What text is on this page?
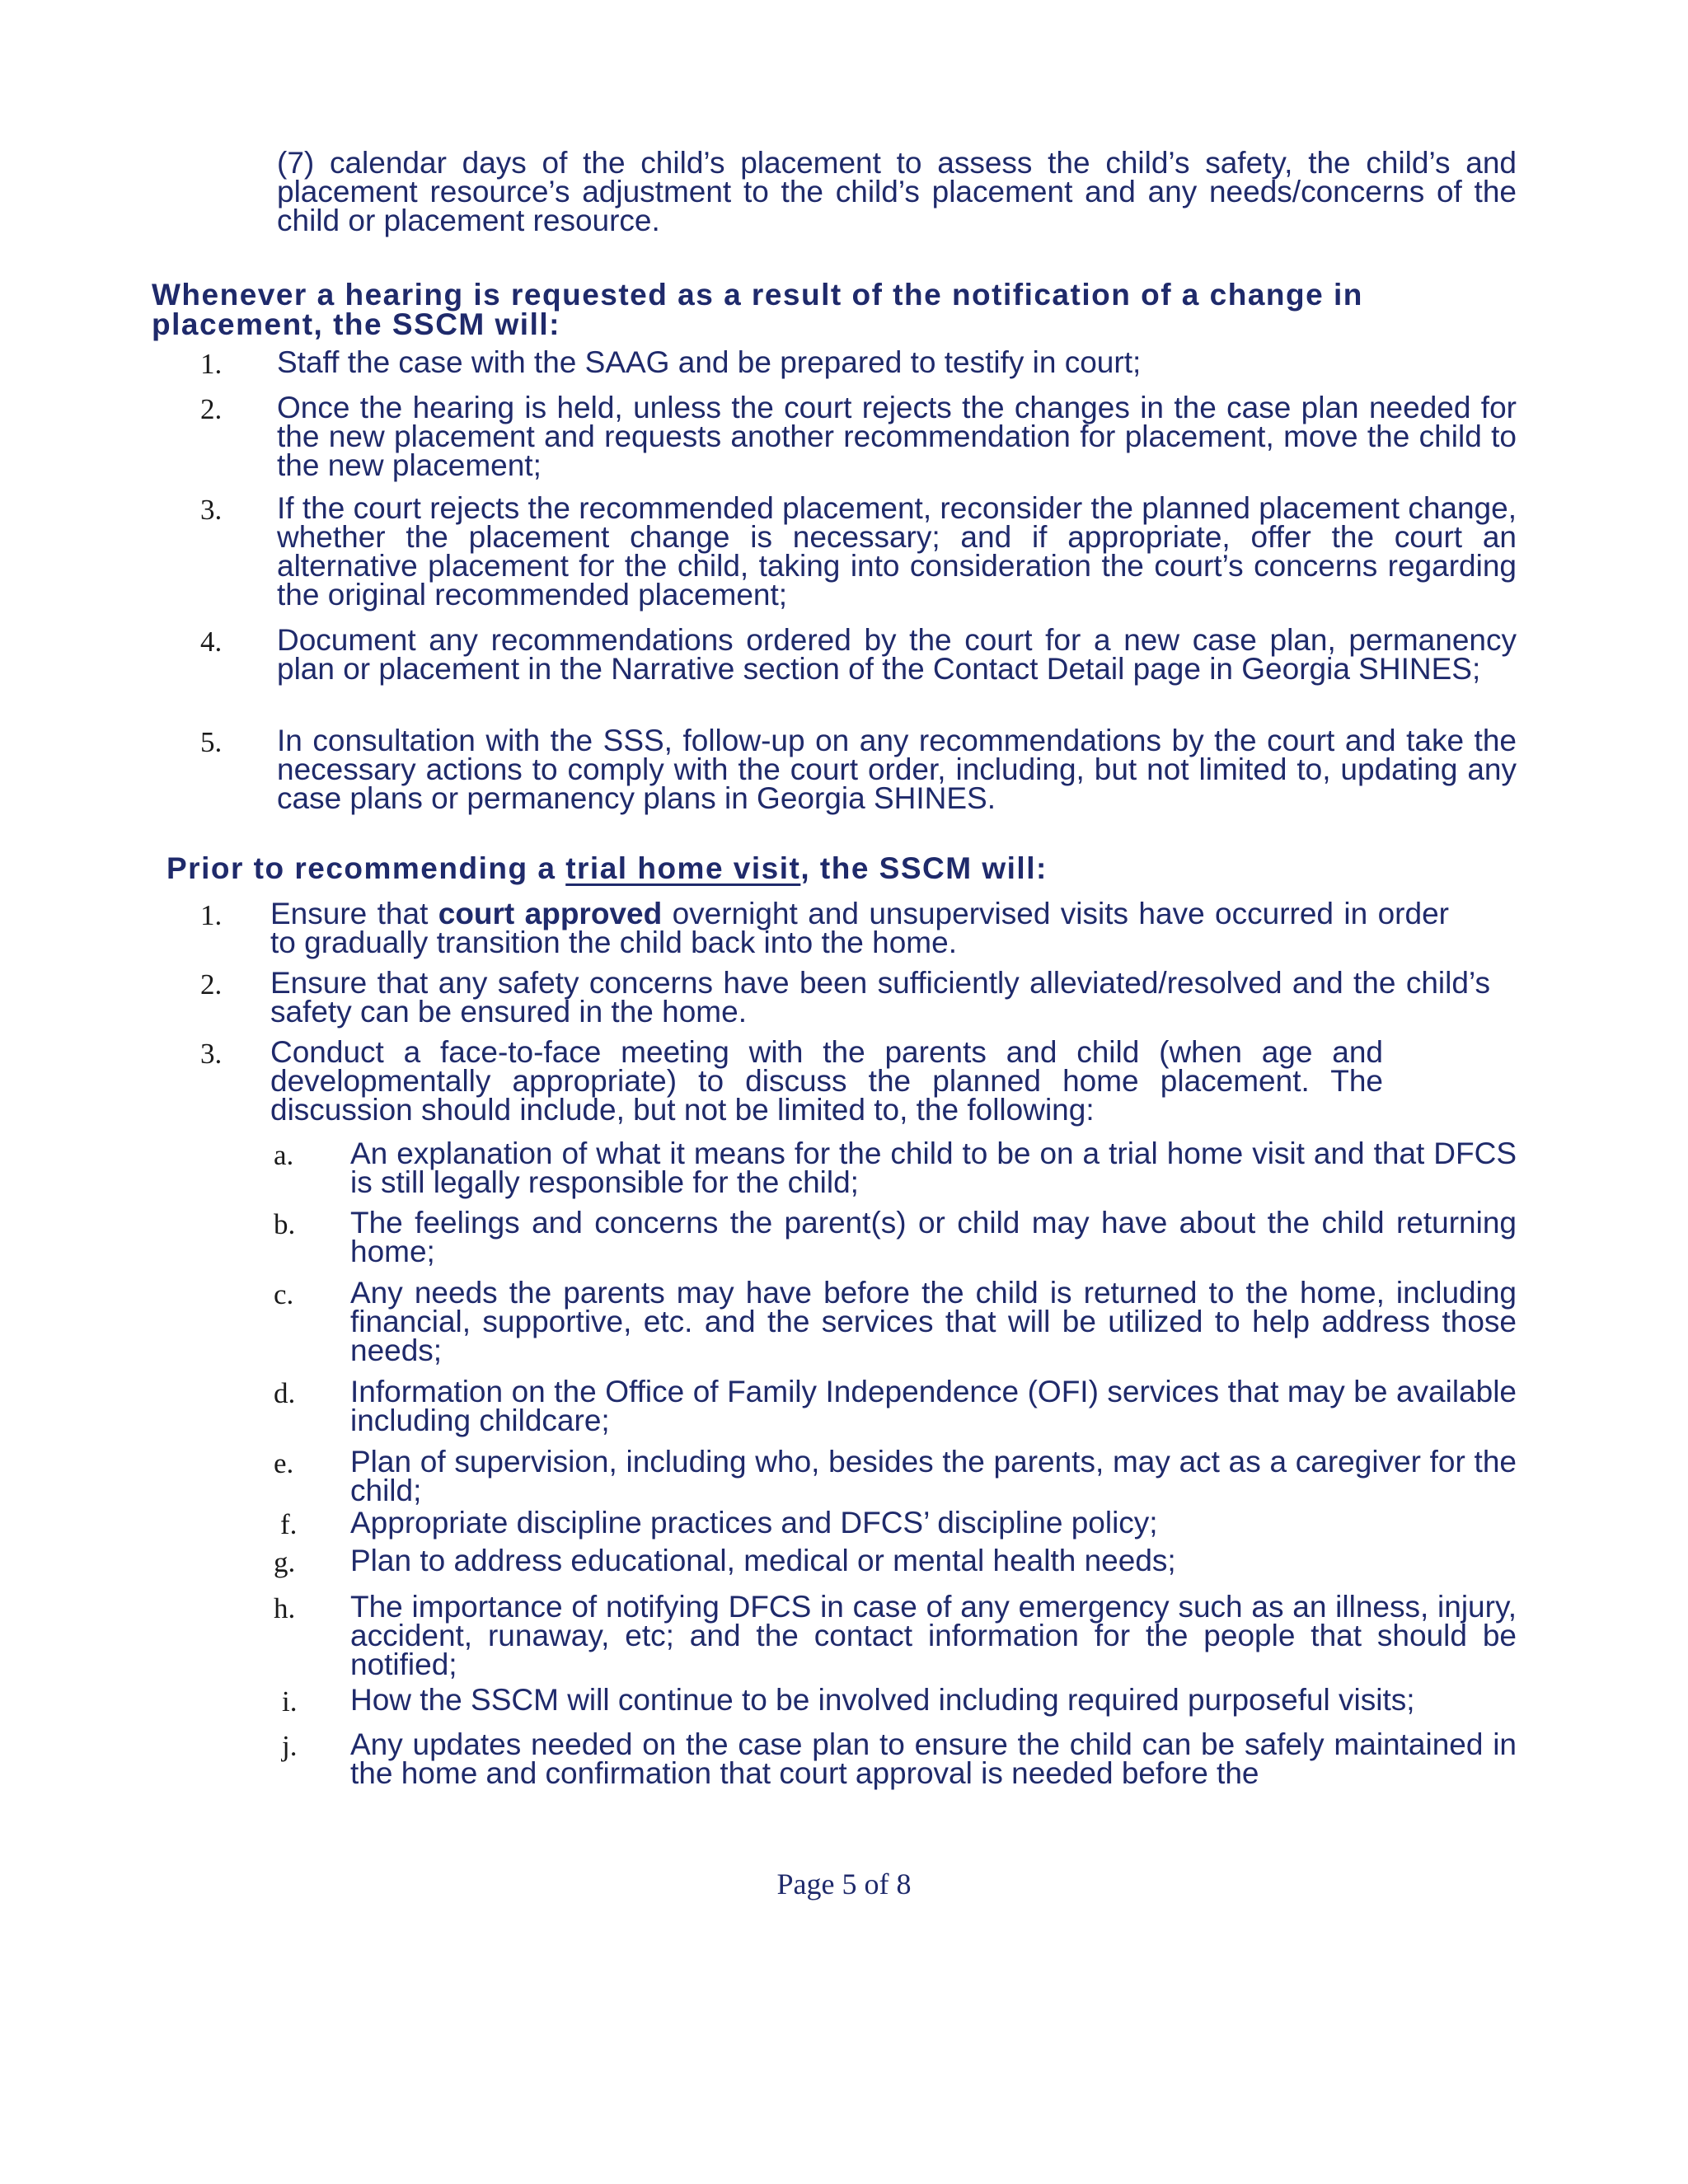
(7) calendar days of the child’s placement to assess the child’s safety, the child’s and placement resource’s adjustment to the child’s placement and any needs/concerns of the child or placement resource.

Whenever a hearing is requested as a result of the notification of a change in placement, the SSCM will:

1. Staff the case with the SAAG and be prepared to testify in court;

2. Once the hearing is held, unless the court rejects the changes in the case plan needed for the new placement and requests another recommendation for placement, move the child to the new placement;

3. If the court rejects the recommended placement, reconsider the planned placement change, whether the placement change is necessary; and if appropriate, offer the court an alternative placement for the child, taking into consideration the court’s concerns regarding the original recommended placement;

4. Document any recommendations ordered by the court for a new case plan, permanency plan or placement in the Narrative section of the Contact Detail page in Georgia SHINES;

5. In consultation with the SSS, follow-up on any recommendations by the court and take the necessary actions to comply with the court order, including, but not limited to, updating any case plans or permanency plans in Georgia SHINES.

Prior to recommending a trial home visit, the SSCM will:

1. Ensure that court approved overnight and unsupervised visits have occurred in order to gradually transition the child back into the home.

2. Ensure that any safety concerns have been sufficiently alleviated/resolved and the child’s safety can be ensured in the home.

3. Conduct a face-to-face meeting with the parents and child (when age and developmentally appropriate) to discuss the planned home placement. The discussion should include, but not be limited to, the following:

a. An explanation of what it means for the child to be on a trial home visit and that DFCS is still legally responsible for the child;

b. The feelings and concerns the parent(s) or child may have about the child returning home;

c. Any needs the parents may have before the child is returned to the home, including financial, supportive, etc. and the services that will be utilized to help address those needs;

d. Information on the Office of Family Independence (OFI) services that may be available including childcare;

e. Plan of supervision, including who, besides the parents, may act as a caregiver for the child;

f. Appropriate discipline practices and DFCS’ discipline policy;

g. Plan to address educational, medical or mental health needs;

h. The importance of notifying DFCS in case of any emergency such as an illness, injury, accident, runaway, etc; and the contact information for the people that should be notified;

i. How the SSCM will continue to be involved including required purposeful visits;

j. Any updates needed on the case plan to ensure the child can be safely maintained in the home and confirmation that court approval is needed before the

Page 5 of 8
